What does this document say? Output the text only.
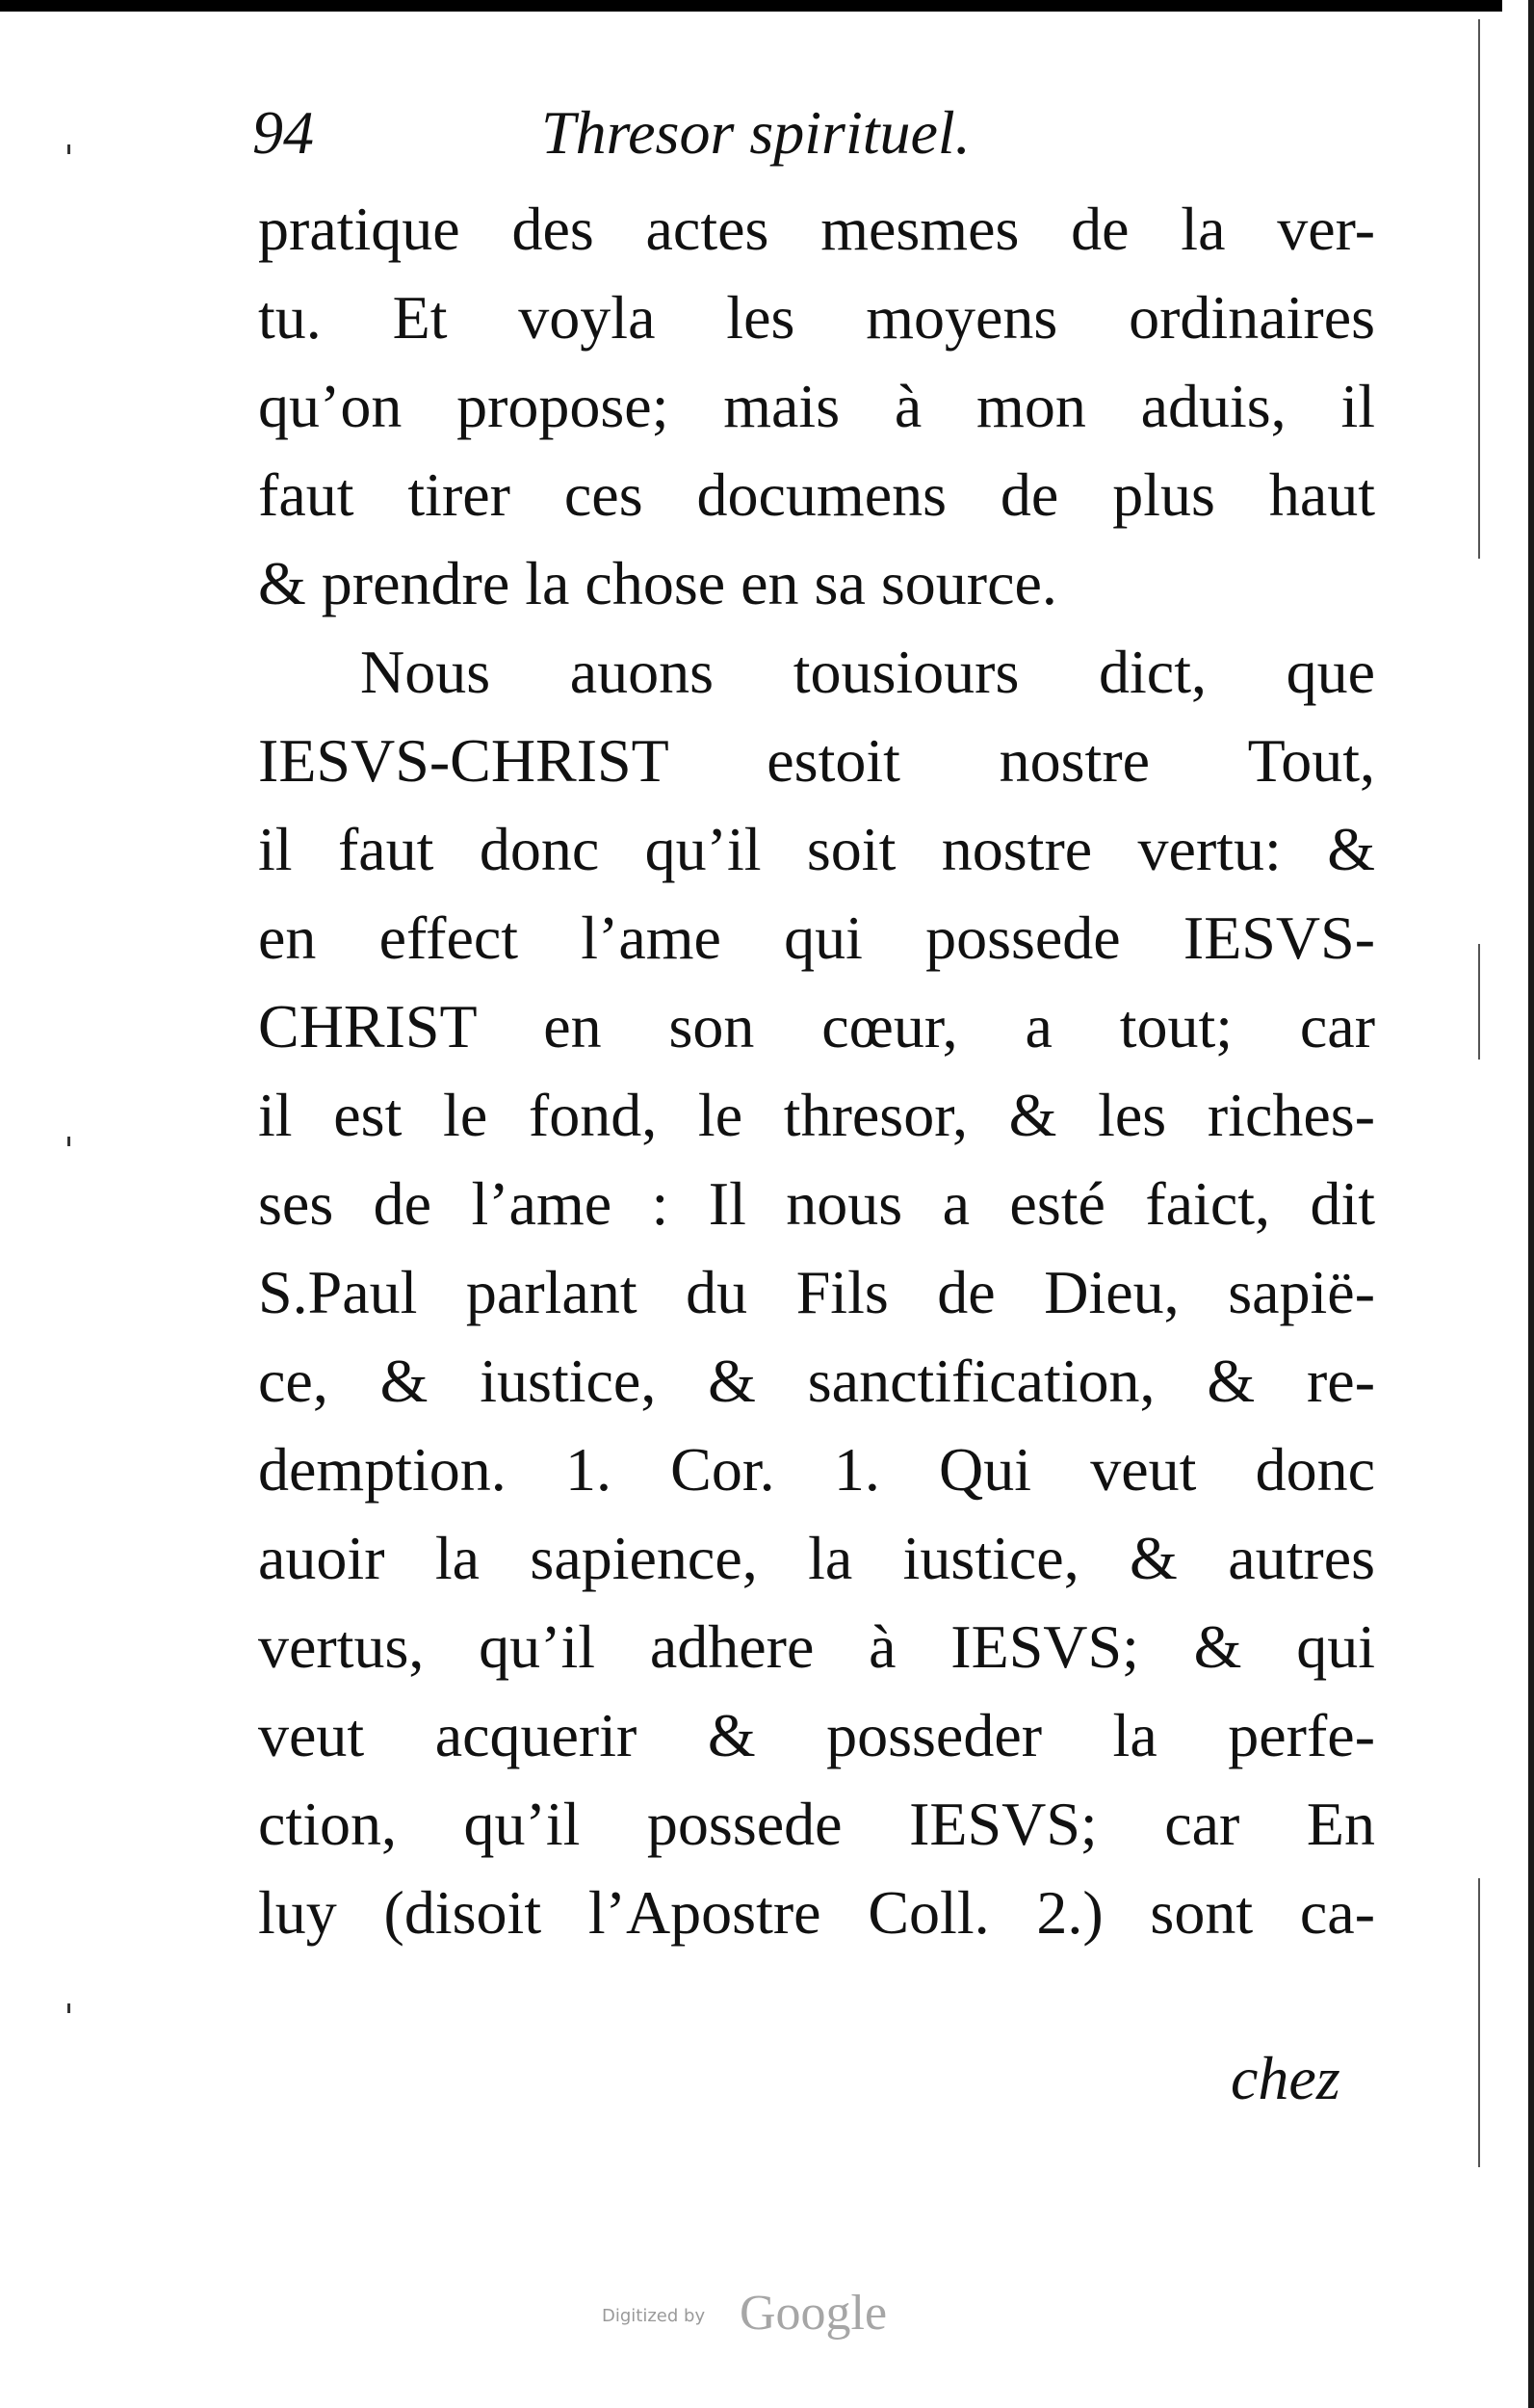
94	Thresor spirituel.
pratique des actes mesmes de la ver-
tu. Et voyla les moyens ordinaires
qu’on propose; mais à mon aduis, il
faut tirer ces documens de plus haut
& prendre la chose en sa source.
Nous auons tousiours dict, que
IESVS-CHRIST estoit nostre Tout,
il faut donc qu’il soit nostre vertu: &
en effect l’ame qui possede IESVS-
CHRIST en son cœur, a tout; car
il est le fond, le thresor, & les riches-
ses de l’ame : Il nous a esté faict, dit
S.Paul parlant du Fils de Dieu, sapië-
ce, & iustice, & sanctification, & re-
demption. 1. Cor. 1. Qui veut donc
auoir la sapience, la iustice, & autres
vertus, qu’il adhere à IESVS; & qui
veut acquerir & posseder la perfe-
ction, qu’il possede IESVS; car En
luy (disoit l’Apostre Coll. 2.) sont ca-
chez
Digitized by Google
